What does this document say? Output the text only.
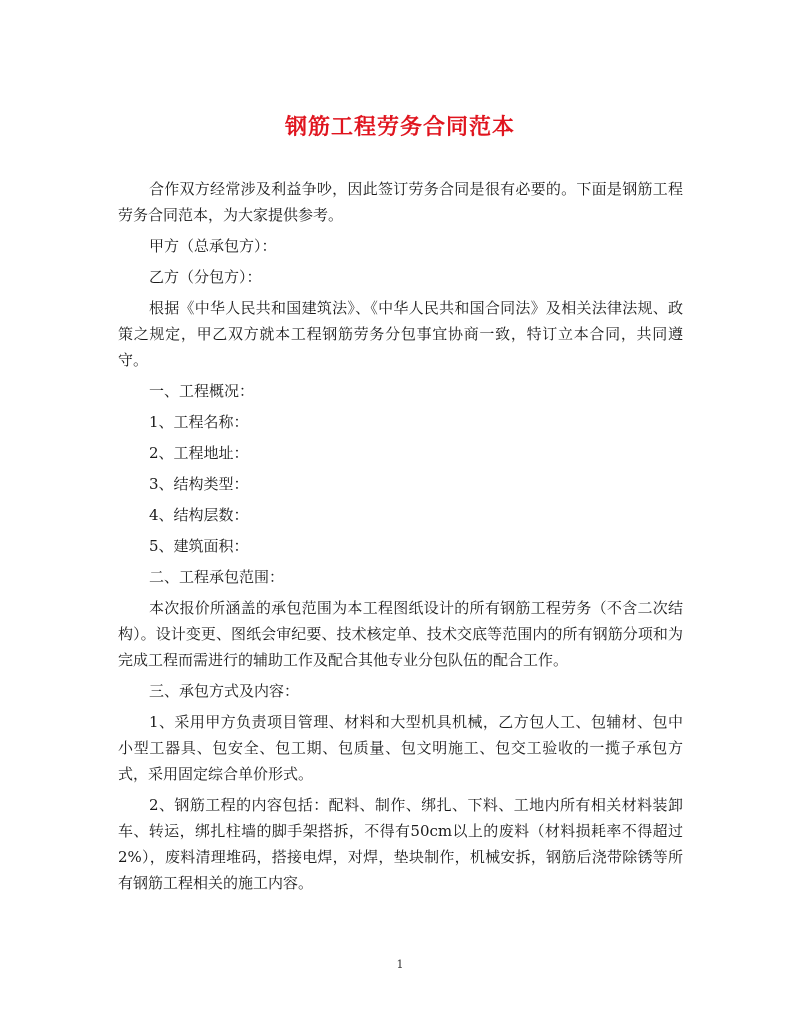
钢筋工程劳务合同范本

合作双方经常涉及利益争吵，因此签订劳务合同是很有必要的。下面是钢筋工程劳务合同范本，为大家提供参考。

甲方（总承包方）：

乙方（分包方）：

根据《中华人民共和国建筑法》、《中华人民共和国合同法》及相关法律法规、政策之规定，甲乙双方就本工程钢筋劳务分包事宜协商一致，特订立本合同，共同遵守。

一、工程概况：

1、工程名称：

2、工程地址：

3、结构类型：

4、结构层数：

5、建筑面积：

二、工程承包范围：

本次报价所涵盖的承包范围为本工程图纸设计的所有钢筋工程劳务（不含二次结构）。设计变更、图纸会审纪要、技术核定单、技术交底等范围内的所有钢筋分项和为完成工程而需进行的辅助工作及配合其他专业分包队伍的配合工作。

三、承包方式及内容：

1、采用甲方负责项目管理、材料和大型机具机械，乙方包人工、包辅材、包中小型工器具、包安全、包工期、包质量、包文明施工、包交工验收的一揽子承包方式，采用固定综合单价形式。

2、钢筋工程的内容包括：配料、制作、绑扎、下料、工地内所有相关材料装卸车、转运，绑扎柱墙的脚手架搭拆，不得有50cm以上的废料（材料损耗率不得超过2%），废料清理堆码，搭接电焊，对焊，垫块制作，机械安拆，钢筋后浇带除锈等所有钢筋工程相关的施工内容。

1
